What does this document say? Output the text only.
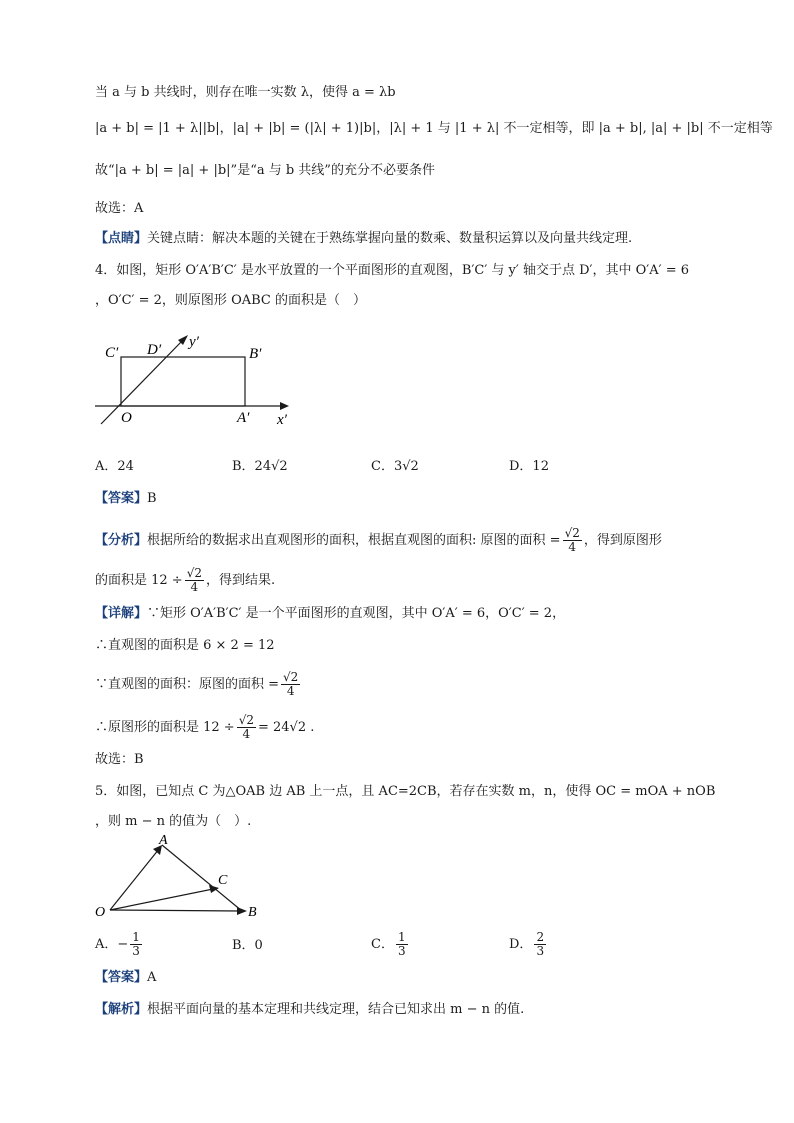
当 a 与 b 共线时，则存在唯一实数 λ，使得 a = λb
|a + b| = |1 + λ||b|，|a| + |b| = (|λ| + 1)|b|，|λ| + 1 与 |1 + λ| 不一定相等，即 |a + b|, |a| + |b| 不一定相等
故“|a + b| = |a| + |b|”是“a 与 b 共线”的充分不必要条件
故选：A
【点睛】关键点睛：解决本题的关键在于熟练掌握向量的数乘、数量积运算以及向量共线定理.
4．如图，矩形 O′A′B′C′ 是水平放置的一个平面图形的直观图，B′C′ 与 y′ 轴交于点 D′，其中 O′A′ = 6
，O′C′ = 2，则原图形 OABC 的面积是（　）
C′ D′ y′
B′
O	A′ x′
A．24	B．24√2	C．3√2	D．12
【答案】B
【分析】根据所给的数据求出直观图形的面积，根据直观图的面积: 原图的面积 = $\frac{√2}{4}$ ，得到原图形
的面积是 $12 \div \frac{√2}{4}$ ，得到结果.
【详解】∵矩形 O′A′B′C′ 是一个平面图形的直观图，其中 O′A′ = 6，O′C′ = 2，
∴直观图的面积是 6 × 2 = 12
∵直观图的面积：原图的面积 = $\frac{√2}{4}$
∴原图形的面积是 $12 \div \frac{√2}{4} = 24√2$ .
故选：B
5．如图，已知点 C 为△OAB 边 AB 上一点，且 AC=2CB，若存在实数 m，n，使得 OC = mOA + nOB
，则 m − n 的值为（　）.
A
C
O	B
A．− $\frac{1}{3}$	B．0	C． $\frac{1}{3}$	D． $\frac{2}{3}$
【答案】A
【解析】根据平面向量的基本定理和共线定理，结合已知求出 m − n 的值.
